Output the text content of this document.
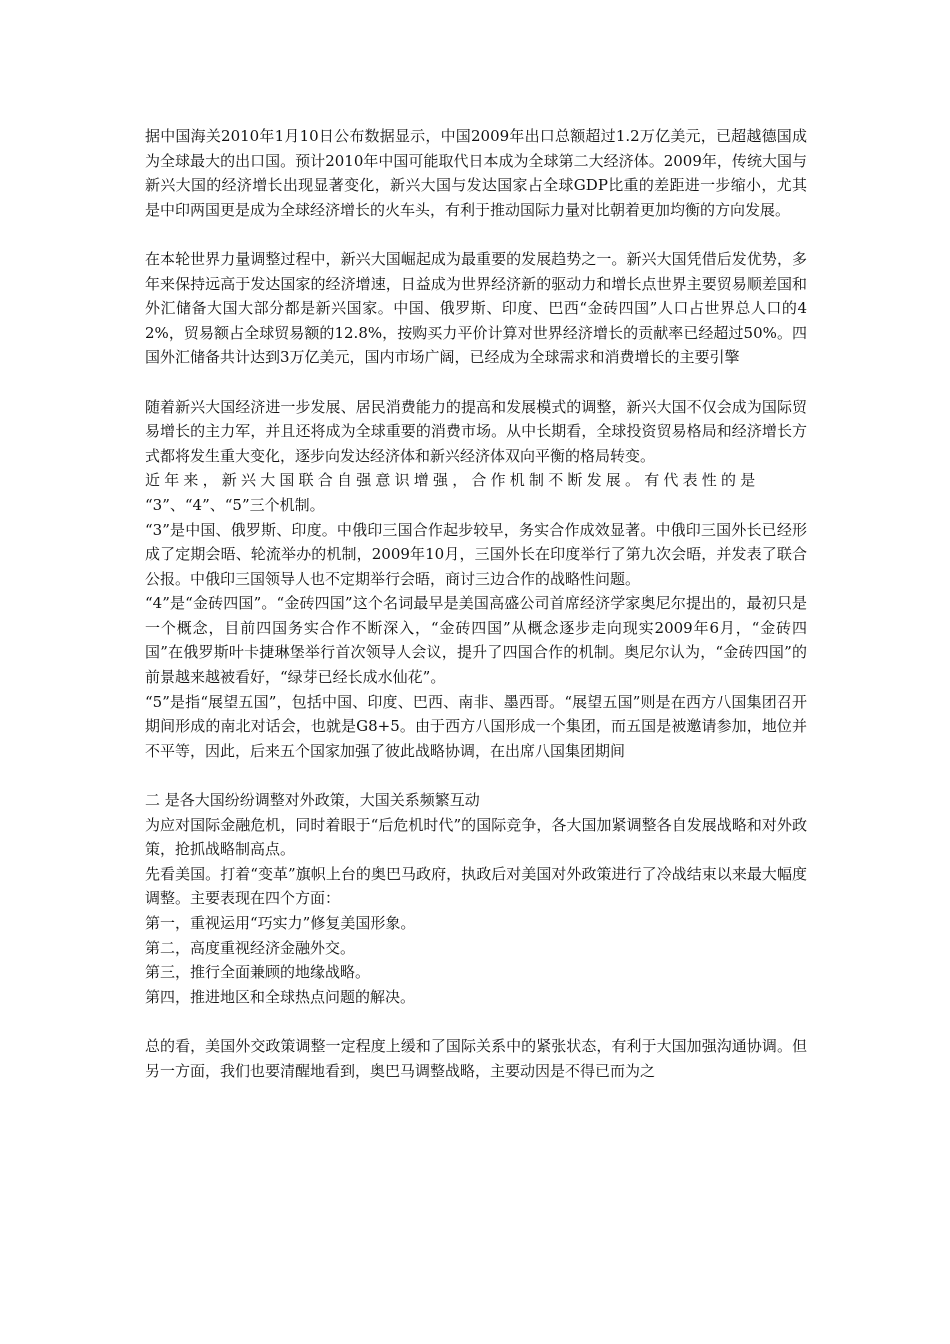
据中国海关2010年1月10日公布数据显示，中国2009年出口总额超过1.2万亿美元，已超越德国成为全球最大的出口国。预计2010年中国可能取代日本成为全球第二大经济体。2009年，传统大国与新兴大国的经济增长出现显著变化，新兴大国与发达国家占全球GDP比重的差距进一步缩小，尤其是中印两国更是成为全球经济增长的火车头，有利于推动国际力量对比朝着更加均衡的方向发展。

在本轮世界力量调整过程中，新兴大国崛起成为最重要的发展趋势之一。新兴大国凭借后发优势，多年来保持远高于发达国家的经济增速，日益成为世界经济新的驱动力和增长点世界主要贸易顺差国和外汇储备大国大部分都是新兴国家。中国、俄罗斯、印度、巴西“金砖四国”人口占世界总人口的42%，贸易额占全球贸易额的12.8%，按购买力平价计算对世界经济增长的贡献率已经超过50%。四国外汇储备共计达到3万亿美元，国内市场广阔，已经成为全球需求和消费增长的主要引擎

随着新兴大国经济进一步发展、居民消费能力的提高和发展模式的调整，新兴大国不仅会成为国际贸易增长的主力军，并且还将成为全球重要的消费市场。从中长期看，全球投资贸易格局和经济增长方式都将发生重大变化，逐步向发达经济体和新兴经济体双向平衡的格局转变。

近年来，新兴大国联合自强意识增强，合作机制不断发展。有代表性的是

“3”、“4”、“5”三个机制。

“3”是中国、俄罗斯、印度。中俄印三国合作起步较早，务实合作成效显著。中俄印三国外长已经形成了定期会晤、轮流举办的机制，2009年10月，三国外长在印度举行了第九次会晤，并发表了联合公报。中俄印三国领导人也不定期举行会晤，商讨三边合作的战略性问题。

“4”是“金砖四国”。“金砖四国”这个名词最早是美国高盛公司首席经济学家奥尼尔提出的，最初只是一个概念，目前四国务实合作不断深入，“金砖四国”从概念逐步走向现实2009年6月，“金砖四国”在俄罗斯叶卡捷琳堡举行首次领导人会议，提升了四国合作的机制。奥尼尔认为，“金砖四国”的前景越来越被看好，“绿芽已经长成水仙花”。

“5”是指“展望五国”，包括中国、印度、巴西、南非、墨西哥。“展望五国”则是在西方八国集团召开期间形成的南北对话会，也就是G8+5。由于西方八国形成一个集团，而五国是被邀请参加，地位并不平等，因此，后来五个国家加强了彼此战略协调，在出席八国集团期间

二 是各大国纷纷调整对外政策，大国关系频繁互动

为应对国际金融危机，同时着眼于“后危机时代”的国际竞争，各大国加紧调整各自发展战略和对外政策，抢抓战略制高点。

先看美国。打着“变革”旗帜上台的奥巴马政府，执政后对美国对外政策进行了冷战结束以来最大幅度调整。主要表现在四个方面：

第一，重视运用“巧实力”修复美国形象。

第二，高度重视经济金融外交。

第三，推行全面兼顾的地缘战略。

第四，推进地区和全球热点问题的解决。

总的看，美国外交政策调整一定程度上缓和了国际关系中的紧张状态，有利于大国加强沟通协调。但另一方面，我们也要清醒地看到，奥巴马调整战略，主要动因是不得已而为之
